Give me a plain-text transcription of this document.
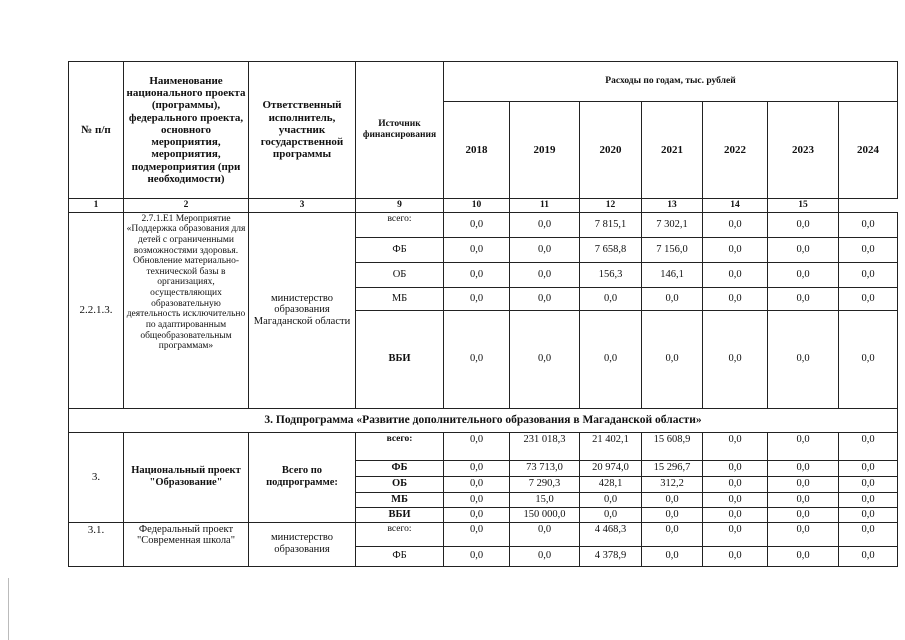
№ п/п	Наименование национального проекта (программы), федерального проекта, основного мероприятия, мероприятия, подмероприятия (при необходимости)	Ответственный исполнитель, участник государственной программы	Источник финансирования	Расходы по годам, тыс. рублей						
				2018	2019	2020	2021	2022	2023	2024
1	2	3	9	10	11	12	13	14	15	
2.2.1.3.	2.7.1.Е1 Мероприятие «Поддержка образования для детей с ограниченными возможностями здоровья. Обновление материально-технической базы в организациях, осуществляющих образовательную деятельность исключительно по адаптированным общеобразовательным программам»	министерство образования Магаданской области	всего:	0,0	0,0	7 815,1	7 302,1	0,0	0,0	0,0
			ФБ	0,0	0,0	7 658,8	7 156,0	0,0	0,0	0,0
			ОБ	0,0	0,0	156,3	146,1	0,0	0,0	0,0
			МБ	0,0	0,0	0,0	0,0	0,0	0,0	0,0
			ВБИ	0,0	0,0	0,0	0,0	0,0	0,0	0,0
3. Подпрограмма «Развитие дополнительного образования в Магаданской области»										
3.	Национальный проект "Образование"	Всего по подпрограмме:	всего:	0,0	231 018,3	21 402,1	15 608,9	0,0	0,0	0,0
			ФБ	0,0	73 713,0	20 974,0	15 296,7	0,0	0,0	0,0
			ОБ	0,0	7 290,3	428,1	312,2	0,0	0,0	0,0
			МБ	0,0	15,0	0,0	0,0	0,0	0,0	0,0
			ВБИ	0,0	150 000,0	0,0	0,0	0,0	0,0	0,0
3.1.	Федеральный проект "Современная школа"	министерство образования	всего:	0,0	0,0	4 468,3	0,0	0,0	0,0	0,0
			ФБ	0,0	0,0	4 378,9	0,0	0,0	0,0	0,0
